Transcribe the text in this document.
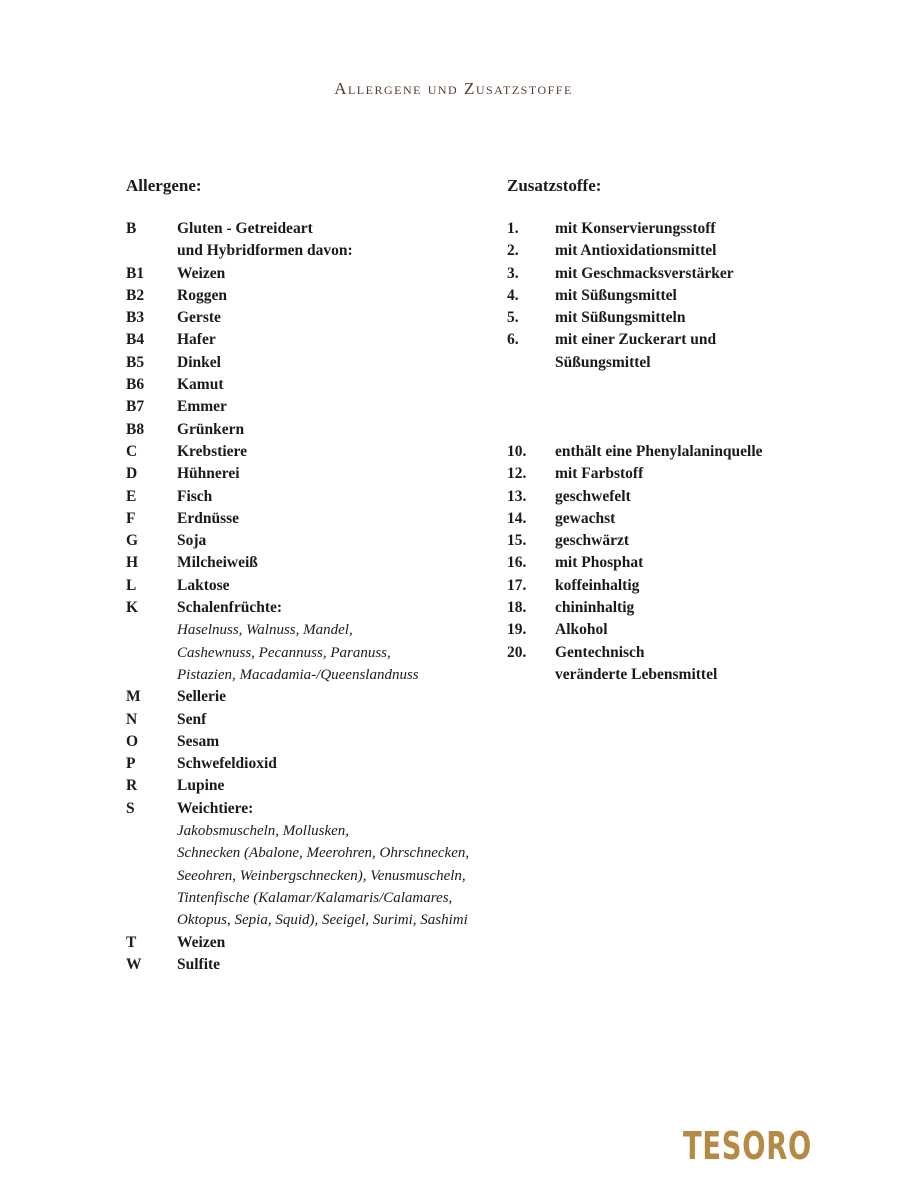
Allergene und Zusatzstoffe
Allergene:	Zusatzstoffe:
B	Gluten - Getreideart
und Hybridformen davon:
B1	Weizen
B2	Roggen
B3	Gerste
B4	Hafer
B5	Dinkel
B6	Kamut
B7	Emmer
B8	Grünkern
C	Krebstiere
D	Hühnerei
E	Fisch
F	Erdnüsse
G	Soja
H	Milcheiweiß
L	Laktose
K	Schalenfrüchte:
Haselnuss, Walnuss, Mandel,
Cashewnuss, Pecannuss, Paranuss,
Pistazien, Macadamia-/Queenslandnuss
M	Sellerie
N	Senf
O	Sesam
P	Schwefeldioxid
R	Lupine
S	Weichtiere:
Jakobsmuscheln, Mollusken,
Schnecken (Abalone, Meerohren, Ohrschnecken,
Seeohren, Weinbergschnecken), Venusmuscheln,
Tintenfische (Kalamar/Kalamaris/Calamares,
Oktopus, Sepia, Squid), Seeigel, Surimi, Sashimi
T	Weizen
W	Sulfite
1.	mit Konservierungsstoff
2.	mit Antioxidationsmittel
3.	mit Geschmacksverstärker
4.	mit Süßungsmittel
5.	mit Süßungsmitteln
6.	mit einer Zuckerart und
Süßungsmittel
10.	enthält eine Phenylalaninquelle
12.	mit Farbstoff
13.	geschwefelt
14.	gewachst
15.	geschwärzt
16.	mit Phosphat
17.	koffeinhaltig
18.	chininhaltig
19.	Alkohol
20.	Gentechnisch
veränderte Lebensmittel
TESORO
